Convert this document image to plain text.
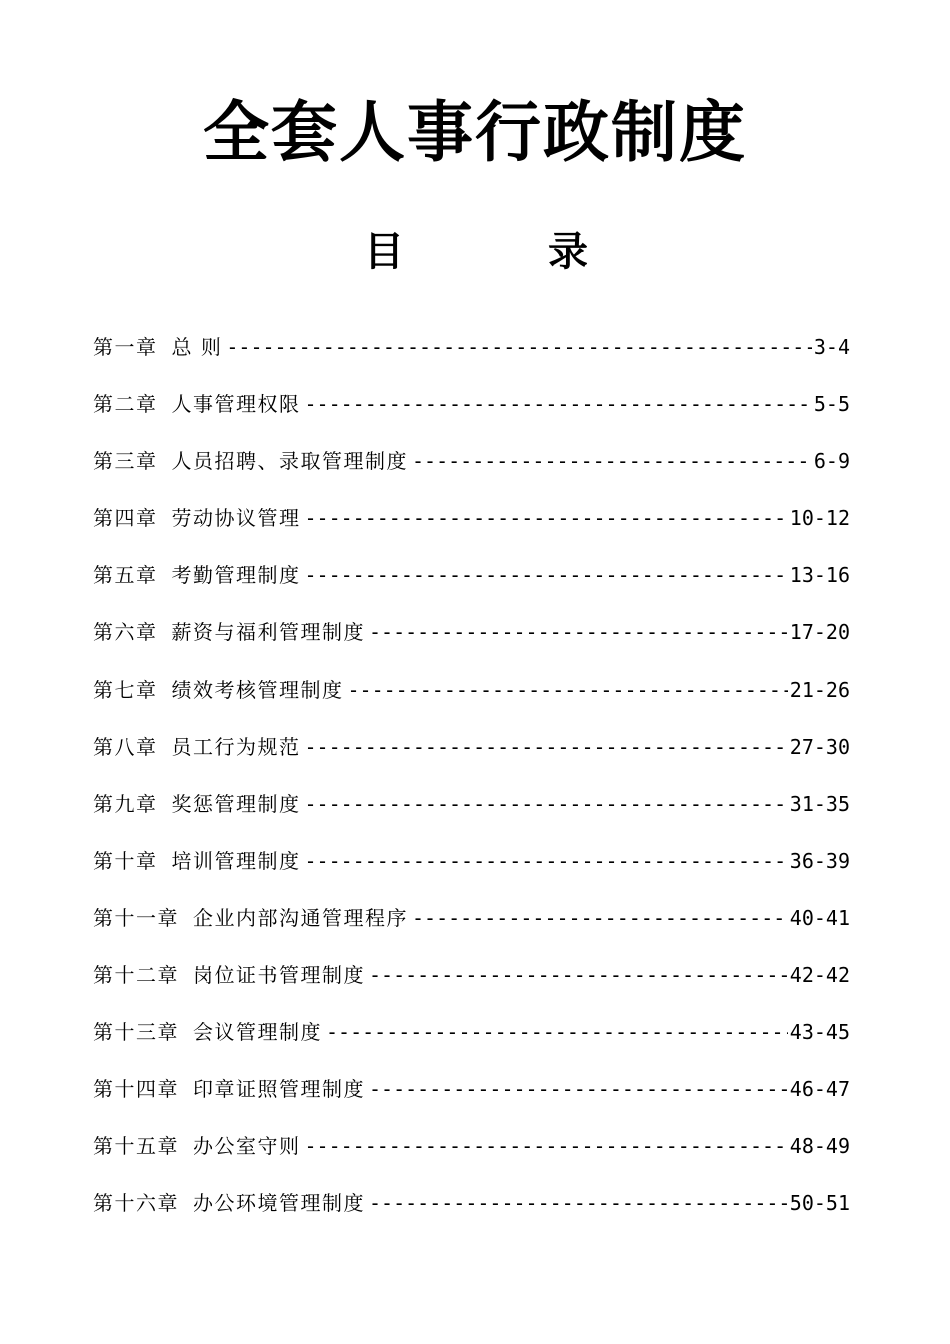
全套人事行政制度
目	录
第一章 总 则 -----	3-4
第二章 人事管理权限 -----	5-5
第三章 人员招聘、录取管理制度 -----	6-9
第四章 劳动协议管理 -----	10-12
第五章 考勤管理制度 -----	13-16
第六章 薪资与福利管理制度 -----	17-20
第七章 绩效考核管理制度 -----	21-26
第八章 员工行为规范 -----	27-30
第九章 奖惩管理制度 -----	31-35
第十章 培训管理制度 -----	36-39
第十一章 企业内部沟通管理程序 -----	40-41
第十二章 岗位证书管理制度 -----	42-42
第十三章 会议管理制度 -----	43-45
第十四章 印章证照管理制度 -----	46-47
第十五章 办公室守则 -----	48-49
第十六章 办公环境管理制度 -----	50-51
